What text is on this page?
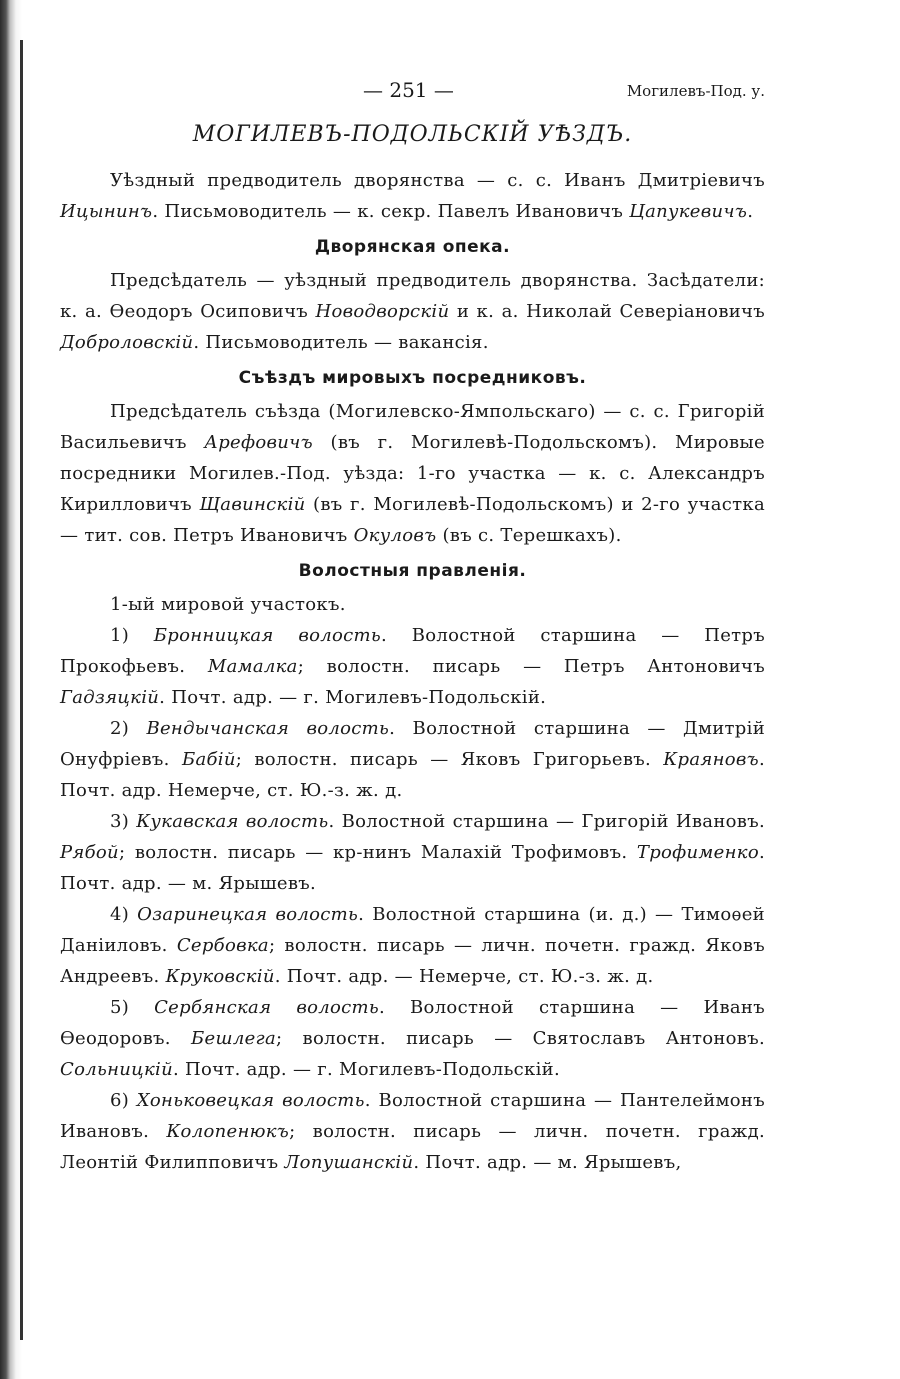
— 251 —	Могилевъ-Под. у.
МОГИЛЕВЪ-ПОДОЛЬСКІЙ УѢЗДЪ.

Уѣздный предводитель дворянства — с. с. Иванъ Дмитріевичъ Ицынинъ. Письмоводитель — к. секр. Павелъ Ивановичъ Цапукевичъ.

Дворянская опека.

Предсѣдатель — уѣздный предводитель дворянства. Засѣдатели: к. а. Ѳеодоръ Осиповичъ Новодворскій и к. а. Николай Северіановичъ Доброловскій. Письмоводитель — вакансія.

Съѣздъ мировыхъ посредниковъ.

Предсѣдатель съѣзда (Могилевско-Ямпольскаго) — с. с. Григорій Васильевичъ Арефовичъ (въ г. Могилевѣ-Подольскомъ). Мировые посредники Могилев.-Под. уѣзда: 1-го участка — к. с. Александръ Кирилловичъ Щавинскій (въ г. Могилевѣ-Подольскомъ) и 2-го участка — тит. сов. Петръ Ивановичъ Окуловъ (въ с. Терешкахъ).

Волостныя правленія.

1-ый мировой участокъ.

1) Бронницкая волость. Волостной старшина — Петръ Прокофьевъ. Мамалка; волостн. писарь — Петръ Антоновичъ Гадзяцкій. Почт. адр. — г. Могилевъ-Подольскій.

2) Вендычанская волость. Волостной старшина — Дмитрій Онуфріевъ. Бабій; волостн. писарь — Яковъ Григорьевъ. Краяновъ. Почт. адр. Немерче, ст. Ю.-з. ж. д.

3) Кукавская волость. Волостной старшина — Григорій Ивановъ. Рябой; волостн. писарь — кр-нинъ Малахій Трофимовъ. Трофименко. Почт. адр. — м. Ярышевъ.

4) Озаринецкая волость. Волостной старшина (и. д.) — Тимоѳей Даніиловъ. Сербовка; волостн. писарь — личн. почетн. гражд. Яковъ Андреевъ. Круковскій. Почт. адр. — Немерче, ст. Ю.-з. ж. д.

5) Сербянская волость. Волостной старшина — Иванъ Ѳеодоровъ. Бешлега; волостн. писарь — Святославъ Антоновъ. Сольницкій. Почт. адр. — г. Могилевъ-Подольскій.

6) Хоньковецкая волость. Волостной старшина — Пантелеймонъ Ивановъ. Колопенюкъ; волостн. писарь — личн. почетн. гражд. Леонтій Филипповичъ Лопушанскій. Почт. адр. — м. Ярышевъ,
